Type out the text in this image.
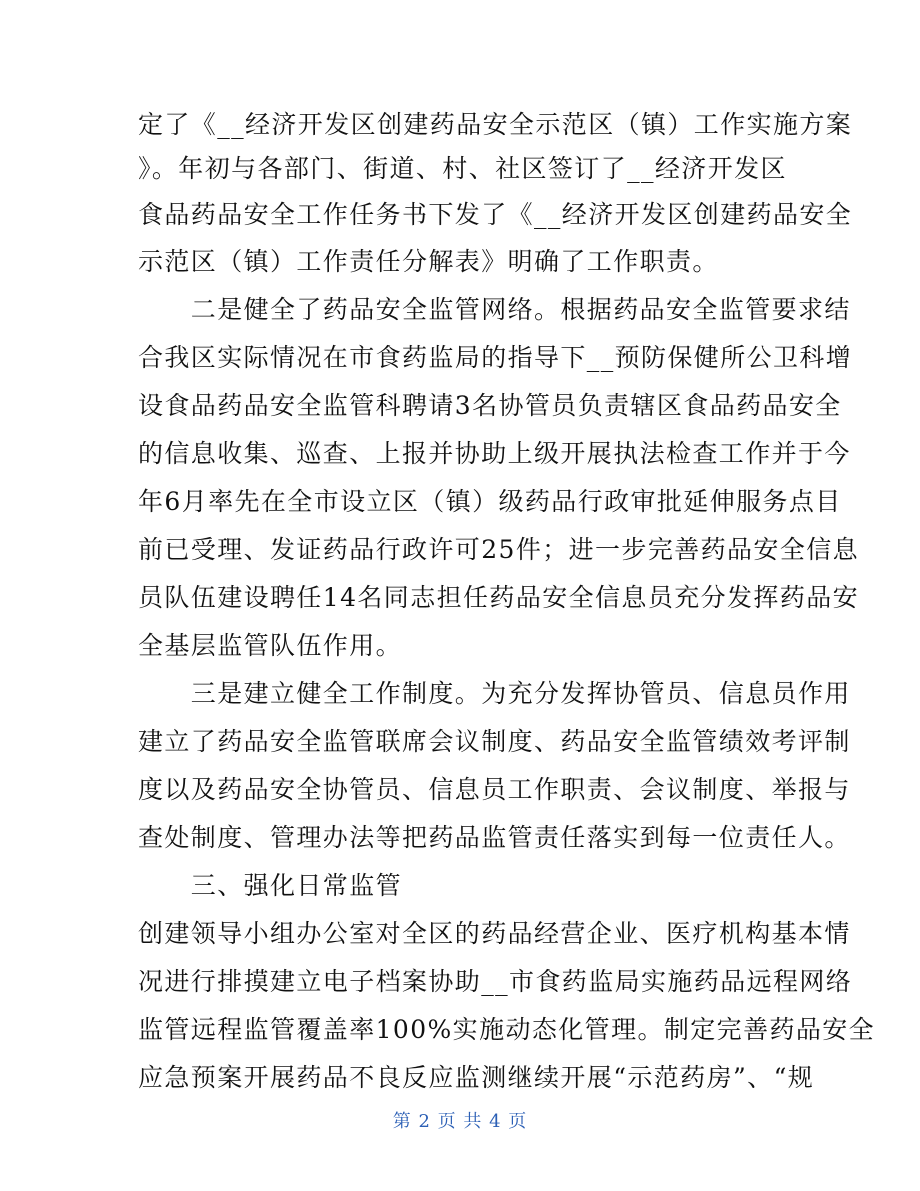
定了《__经济开发区创建药品安全示范区（镇）工作实施方案
》。年初与各部门、街道、村、社区签订了__经济开发区
食品药品安全工作任务书下发了《__经济开发区创建药品安全
示范区（镇）工作责任分解表》明确了工作职责。
　　二是健全了药品安全监管网络。根据药品安全监管要求结
合我区实际情况在市食药监局的指导下__预防保健所公卫科增
设食品药品安全监管科聘请3名协管员负责辖区食品药品安全
的信息收集、巡查、上报并协助上级开展执法检查工作并于今
年6月率先在全市设立区（镇）级药品行政审批延伸服务点目
前已受理、发证药品行政许可25件；进一步完善药品安全信息
员队伍建设聘任14名同志担任药品安全信息员充分发挥药品安
全基层监管队伍作用。
　　三是建立健全工作制度。为充分发挥协管员、信息员作用
建立了药品安全监管联席会议制度、药品安全监管绩效考评制
度以及药品安全协管员、信息员工作职责、会议制度、举报与
查处制度、管理办法等把药品监管责任落实到每一位责任人。
　　三、强化日常监管
创建领导小组办公室对全区的药品经营企业、医疗机构基本情
况进行排摸建立电子档案协助__市食药监局实施药品远程网络
监管远程监管覆盖率100%实施动态化管理。制定完善药品安全
应急预案开展药品不良反应监测继续开展“示范药房”、“规
第 2 页 共 4 页
